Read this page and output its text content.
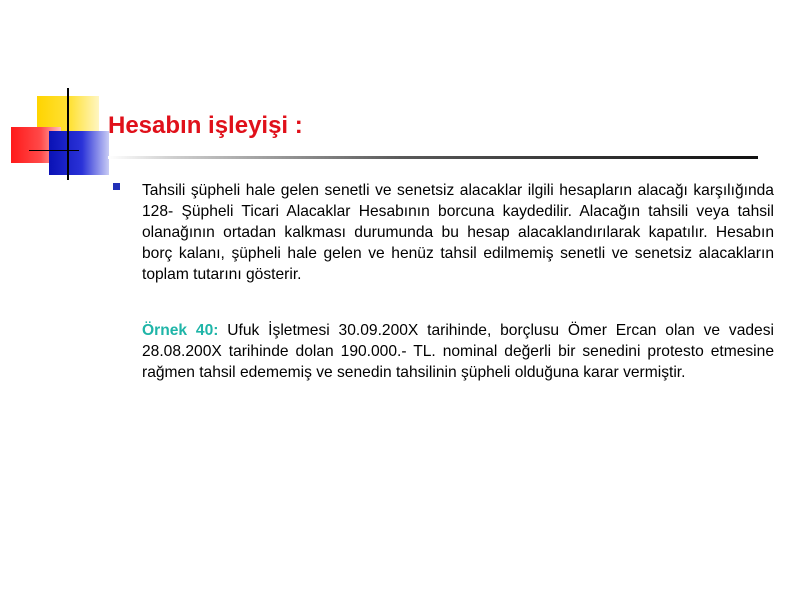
Hesabın işleyişi :

Tahsili şüpheli hale gelen senetli ve senetsiz alacaklar ilgili hesapların alacağı karşılığında 128- Şüpheli Ticari Alacaklar Hesabının borcuna kaydedilir. Alacağın tahsili veya tahsil olanağının ortadan kalkması durumunda bu hesap alacaklandırılarak kapatılır. Hesabın borç kalanı, şüpheli hale gelen ve henüz tahsil edilmemiş senetli ve senetsiz alacakların toplam tutarını gösterir.

Örnek 40: Ufuk İşletmesi 30.09.200X tarihinde, borçlusu Ömer Ercan olan ve vadesi 28.08.200X tarihinde dolan 190.000.- TL. nominal değerli bir senedini protesto etmesine rağmen tahsil edememiş ve senedin tahsilinin şüpheli olduğuna karar vermiştir.
